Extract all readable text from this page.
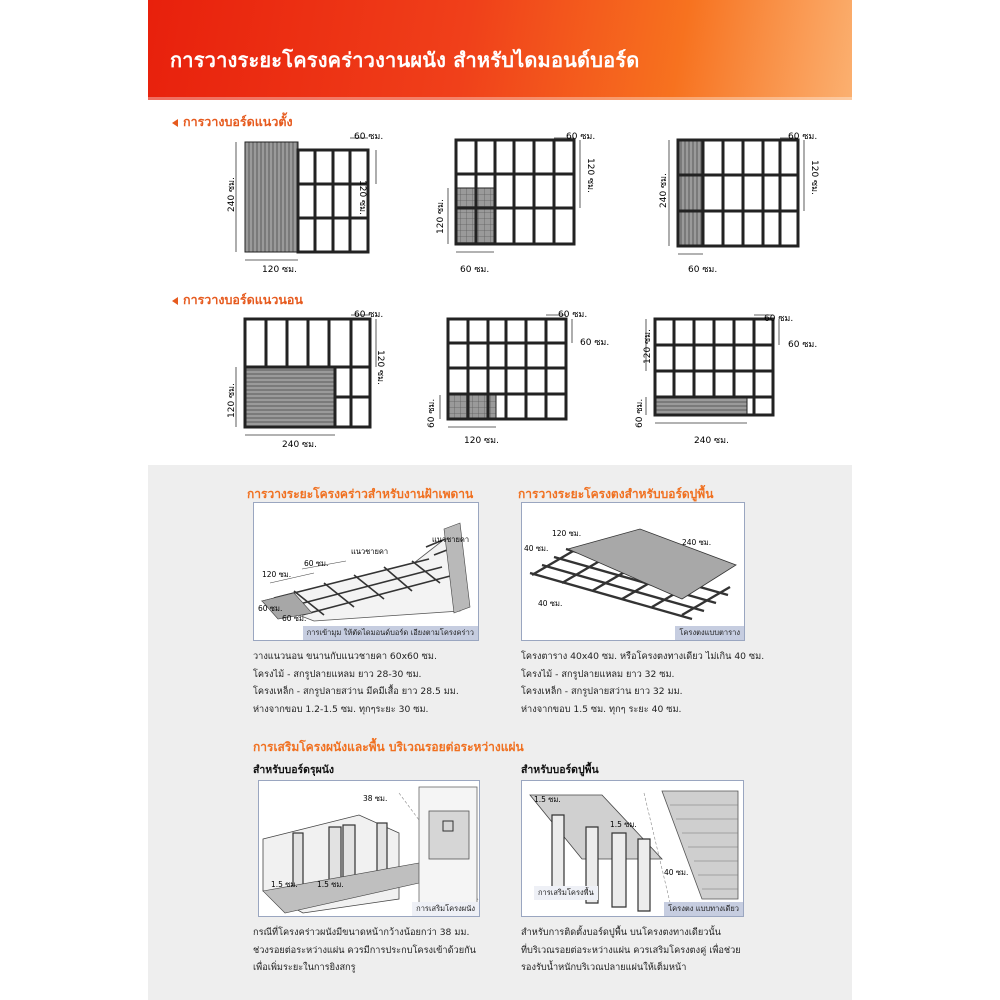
การวางระยะโครงคร่าวงานผนัง สำหรับไดมอนด์บอร์ด
การวางบอร์ดแนวตั้ง
การวางบอร์ดแนวนอน
60 ซม.
120 ซม.
240 ซม.
120 ซม.
60 ซม.
120 ซม.
120 ซม.
60 ซม.
60 ซม.
120 ซม.
240 ซม.
60 ซม.
60 ซม.
120 ซม.
120 ซม.
240 ซม.
60 ซม.
60 ซม.
60 ซม.
120 ซม.
60 ซม.
60 ซม.
120 ซม.
60 ซม.
240 ซม.
การวางระยะโครงคร่าวสำหรับงานฝ้าเพดาน
แนวชายคา
แนวชายคา
60 ซม.
120 ซม.
60 ซม.
60 ซม.
การเข้ามุม ให้ตัดไดมอนด์บอร์ด เอียงตามโครงคร่าว
วางแนวนอน ขนานกับแนวชายคา 60x60 ซม.
โครงไม้ - สกรูปลายแหลม ยาว 28-30 ซม.
โครงเหล็ก - สกรูปลายสว่าน มีคมีเสื้อ ยาว 28.5 มม.
ห่างจากขอบ 1.2-1.5 ซม. ทุกๆระยะ 30 ซม.
การวางระยะโครงตงสำหรับบอร์ดปูพื้น
120 ซม.
240 ซม.
40 ซม.
40 ซม.
โครงตงแบบตาราง
โครงตาราง 40x40 ซม. หรือโครงตงทางเดียว ไม่เกิน 40 ซม.
โครงไม้ - สกรูปลายแหลม ยาว 32 ซม.
โครงเหล็ก - สกรูปลายสว่าน ยาว 32 มม.
ห่างจากขอบ 1.5 ซม. ทุกๆ ระยะ 40 ซม.
การเสริมโครงผนังและพื้น บริเวณรอยต่อระหว่างแผ่น
สำหรับบอร์ดรุผนัง
38 ซม.
1.5 ซม.	1.5 ซม.
การเสริมโครงผนัง
กรณีที่โครงคร่าวผนังมีขนาดหน้ากว้างน้อยกว่า 38 มม.
ช่วงรอยต่อระหว่างแผ่น ควรมีการประกบโครงเข้าด้วยกัน
เพื่อเพิ่มระยะในการยิงสกรู
สำหรับบอร์ดปูพื้น
1.5 ซม.
1.5 ซม.
40 ซม.
การเสริมโครงพื้น
โครงตง แบบทางเดียว
สำหรับการติดตั้งบอร์ดปูพื้น บนโครงตงทางเดียวนั้น
ที่บริเวณรอยต่อระหว่างแผ่น ควรเสริมโครงตงคู่ เพื่อช่วย
รองรับน้ำหนักบริเวณปลายแผ่นให้เต็มหน้า
